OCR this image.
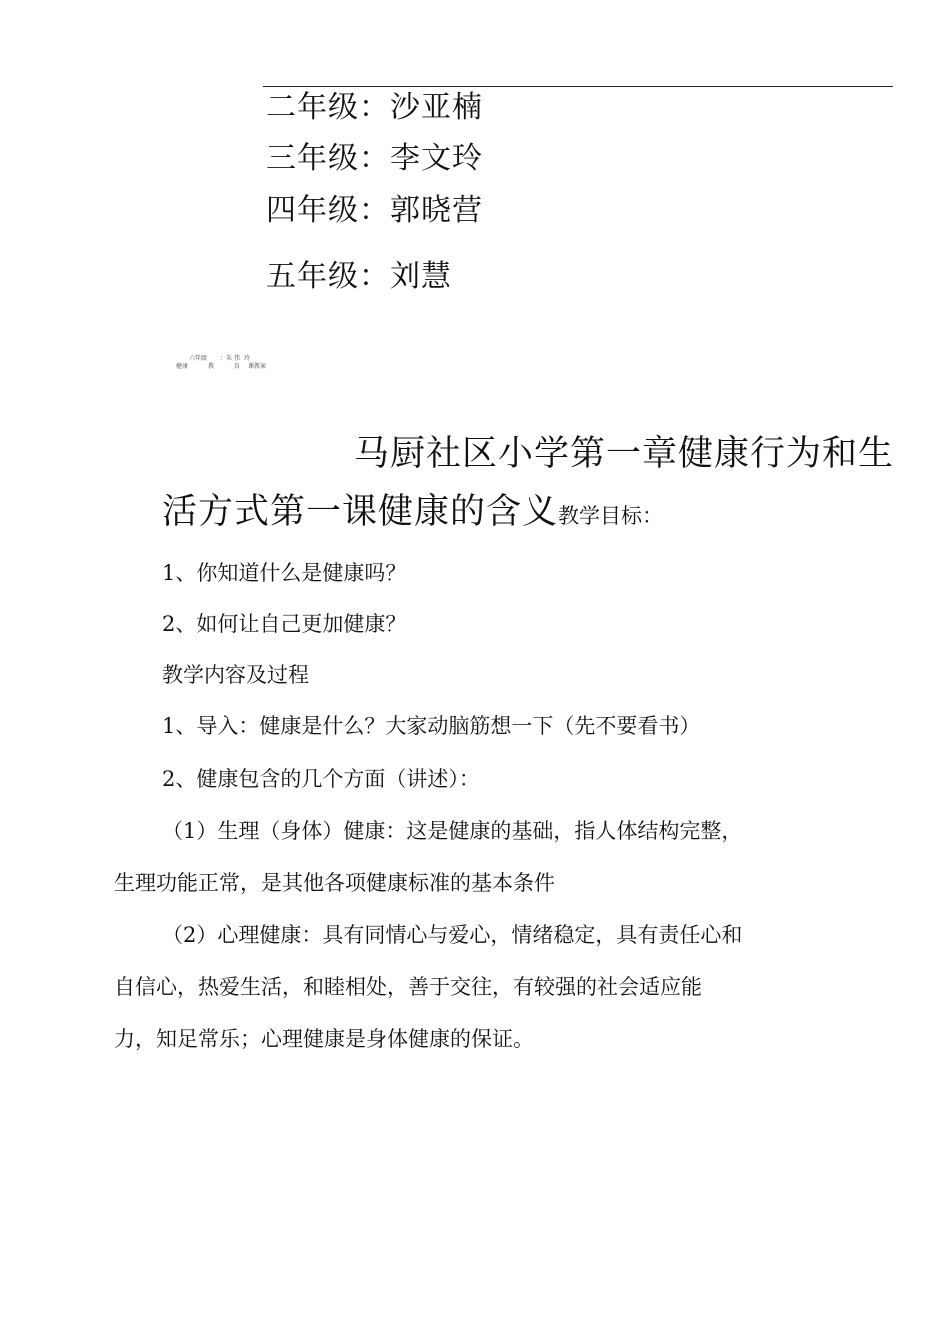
二年级：沙亚楠
三年级：李文玲
四年级：郭晓营
五年级：刘慧
健康
六年级
教
：朱 伟
育
玲
课教案
马厨社区小学第一章健康行为和生
活方式第一课健康的含义教学目标：
1、你知道什么是健康吗？
2、如何让自己更加健康？
教学内容及过程
1、导入：健康是什么？大家动脑筋想一下（先不要看书）
2、健康包含的几个方面（讲述）：
（1）生理（身体）健康：这是健康的基础，指人体结构完整，
生理功能正常，是其他各项健康标准的基本条件
（2）心理健康：具有同情心与爱心，情绪稳定，具有责任心和
自信心，热爱生活，和睦相处，善于交往，有较强的社会适应能
力，知足常乐；心理健康是身体健康的保证。
